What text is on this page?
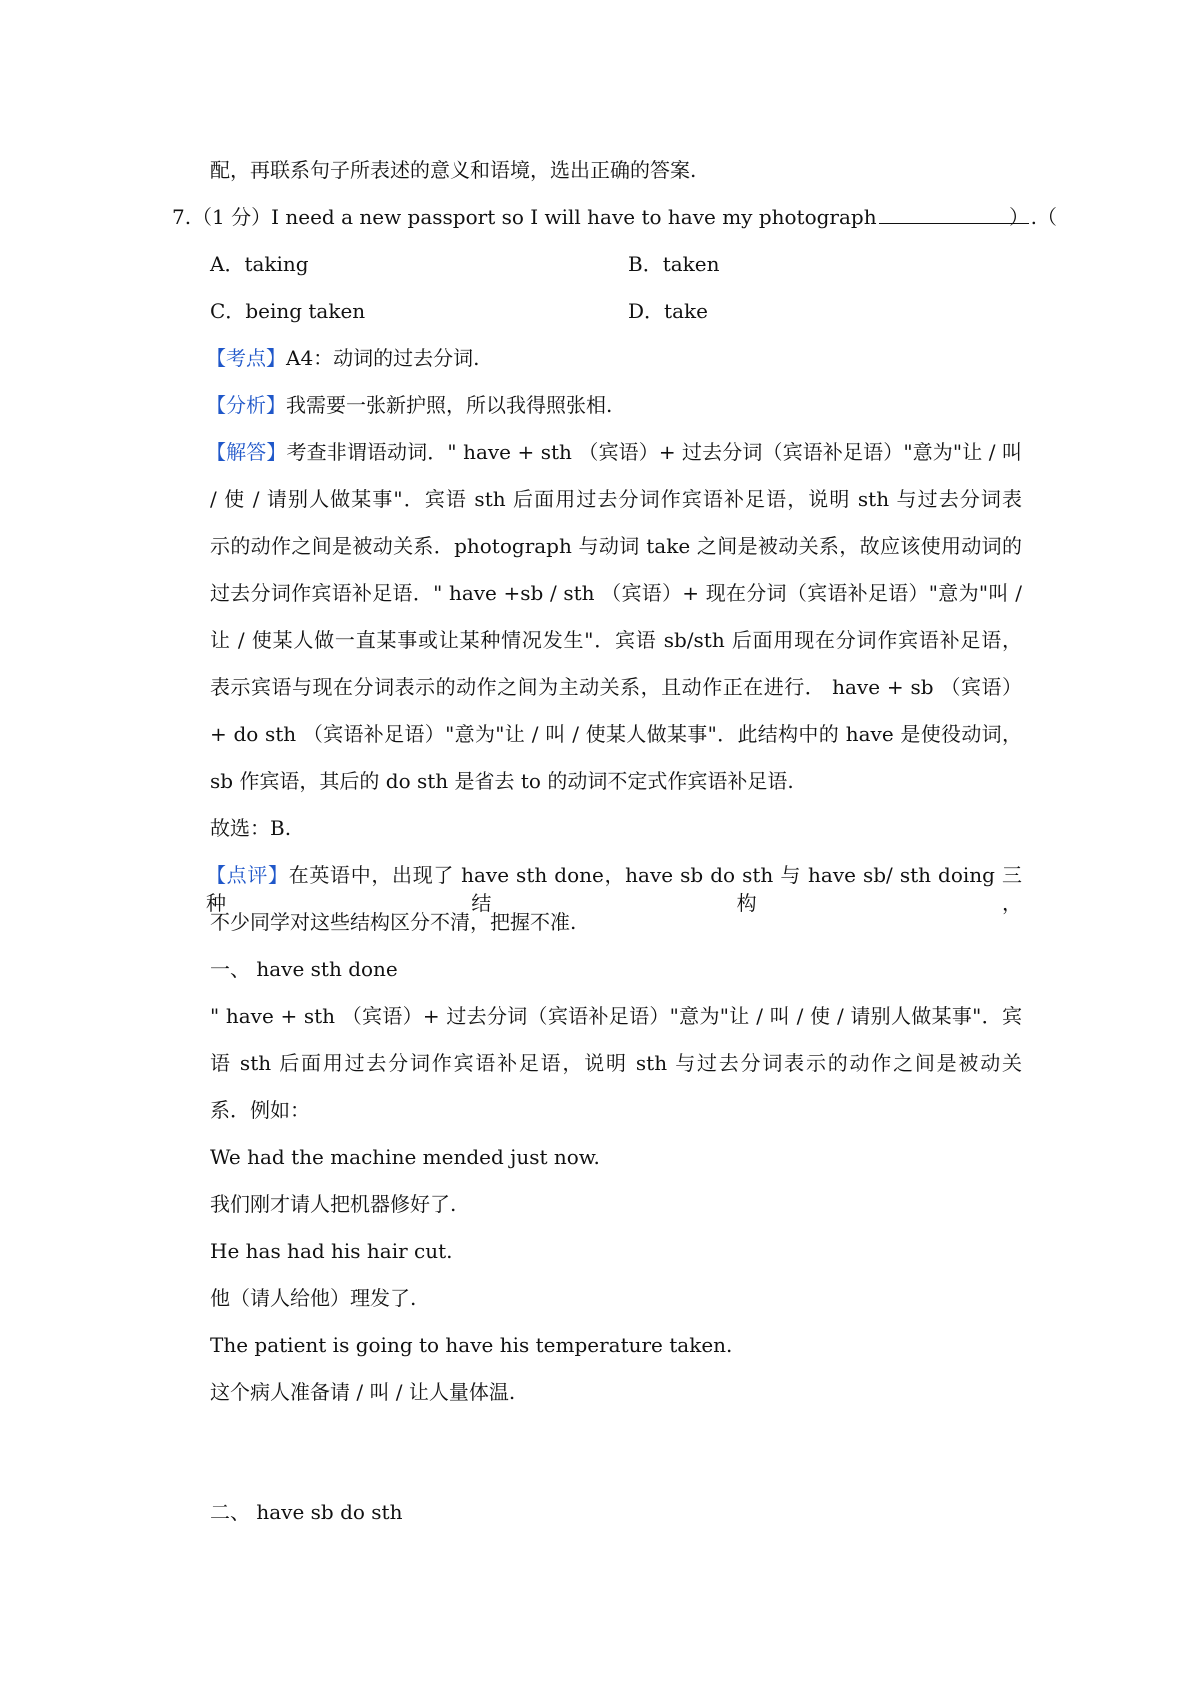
配，再联系句子所表述的意义和语境，选出正确的答案.
7. （1 分）I need a new passport so I will have to have my photograph	.（
）
A．taking	B．taken
C．being taken	D．take
【考点】A4：动词的过去分词.
【分析】我需要一张新护照，所以我得照张相.
【解答】考查非谓语动词．" have + sth （宾语）+ 过去分词（宾语补足语）"意为"让 / 叫
/ 使 / 请别人做某事"．宾语 sth 后面用过去分词作宾语补足语，说明 sth 与过去分词表
示的动作之间是被动关系．photograph 与动词 take 之间是被动关系，故应该使用动词的
过去分词作宾语补足语．" have +sb / sth （宾语）+ 现在分词（宾语补足语）"意为"叫 /
让 / 使某人做一直某事或让某种情况发生"．宾语 sb/sth 后面用现在分词作宾语补足语，
表示宾语与现在分词表示的动作之间为主动关系，且动作正在进行． have + sb （宾语）
+ do sth （宾语补足语）"意为"让 / 叫 / 使某人做某事"．此结构中的 have 是使役动词，
sb 作宾语，其后的 do sth 是省去 to 的动词不定式作宾语补足语.
故选：B.
【点评】在英语中，出现了 have sth done，have sb do sth 与 have sb/ sth doing 三种结构，
不少同学对这些结构区分不清，把握不准.
一、 have sth done
" have + sth （宾语）+ 过去分词（宾语补足语）"意为"让 / 叫 / 使 / 请别人做某事"．宾
语 sth 后面用过去分词作宾语补足语，说明 sth 与过去分词表示的动作之间是被动关
系．例如：
We had the machine mended just now.
我们刚才请人把机器修好了.
He has had his hair cut.
他（请人给他）理发了.
The patient is going to have his temperature taken.
这个病人准备请 / 叫 / 让人量体温.
二、 have sb do sth
